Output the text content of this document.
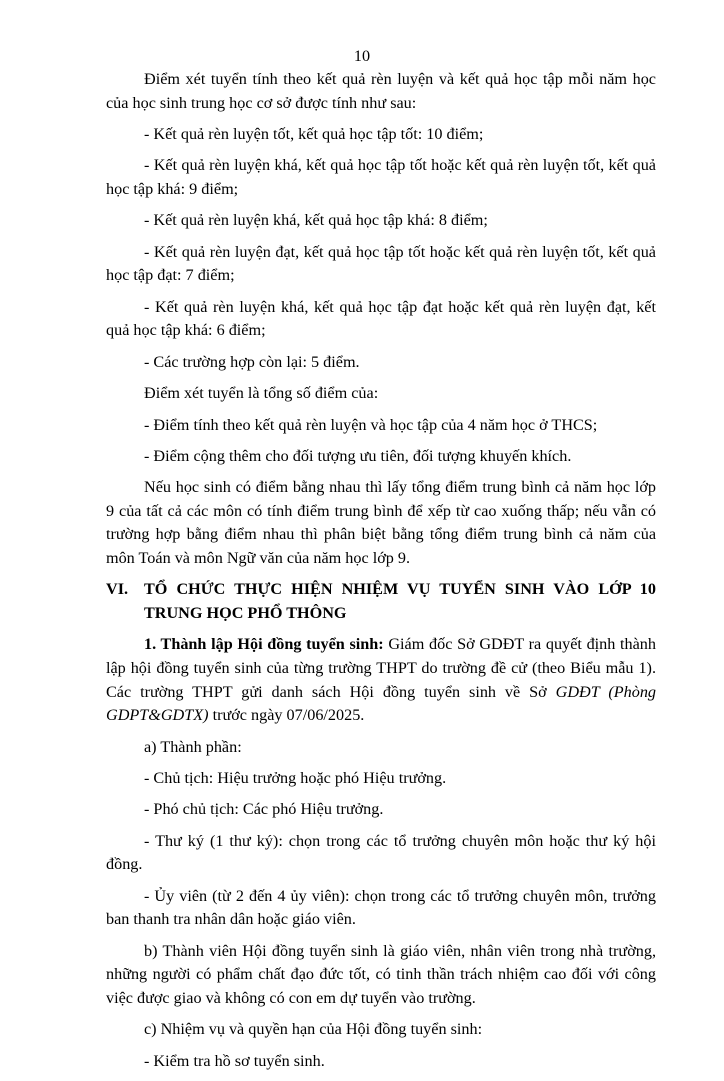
10

Điểm xét tuyển tính theo kết quả rèn luyện và kết quả học tập mỗi năm học của học sinh trung học cơ sở được tính như sau:

- Kết quả rèn luyện tốt, kết quả học tập tốt: 10 điểm;

- Kết quả rèn luyện khá, kết quả học tập tốt hoặc kết quả rèn luyện tốt, kết quả học tập khá: 9 điểm;

- Kết quả rèn luyện khá, kết quả học tập khá: 8 điểm;

- Kết quả rèn luyện đạt, kết quả học tập tốt hoặc kết quả rèn luyện tốt, kết quả học tập đạt: 7 điểm;

- Kết quả rèn luyện khá, kết quả học tập đạt hoặc kết quả rèn luyện đạt, kết quả học tập khá: 6 điểm;

- Các trường hợp còn lại: 5 điểm.

Điểm xét tuyển là tổng số điểm của:

- Điểm tính theo kết quả rèn luyện và học tập của 4 năm học ở THCS;

- Điểm cộng thêm cho đối tượng ưu tiên, đối tượng khuyến khích.

Nếu học sinh có điểm bằng nhau thì lấy tổng điểm trung bình cả năm học lớp 9 của tất cả các môn có tính điểm trung bình để xếp từ cao xuống thấp; nếu vẫn có trường hợp bằng điểm nhau thì phân biệt bằng tổng điểm trung bình cả năm của môn Toán và môn Ngữ văn của năm học lớp 9.

VI. TỔ CHỨC THỰC HIỆN NHIỆM VỤ TUYỂN SINH VÀO LỚP 10 TRUNG HỌC PHỔ THÔNG

1. Thành lập Hội đồng tuyển sinh: Giám đốc Sở GDĐT ra quyết định thành lập hội đồng tuyển sinh của từng trường THPT do trường đề cử (theo Biểu mẫu 1). Các trường THPT gửi danh sách Hội đồng tuyển sinh về Sở GDĐT (Phòng GDPT&GDTX) trước ngày 07/06/2025.

a) Thành phần:

- Chủ tịch: Hiệu trưởng hoặc phó Hiệu trưởng.

- Phó chủ tịch: Các phó Hiệu trưởng.

- Thư ký (1 thư ký): chọn trong các tổ trưởng chuyên môn hoặc thư ký hội đồng.

- Ủy viên (từ 2 đến 4 ủy viên): chọn trong các tổ trưởng chuyên môn, trưởng ban thanh tra nhân dân hoặc giáo viên.

b) Thành viên Hội đồng tuyển sinh là giáo viên, nhân viên trong nhà trường, những người có phẩm chất đạo đức tốt, có tinh thần trách nhiệm cao đối với công việc được giao và không có con em dự tuyển vào trường.

c) Nhiệm vụ và quyền hạn của Hội đồng tuyển sinh:

- Kiểm tra hồ sơ tuyển sinh.
